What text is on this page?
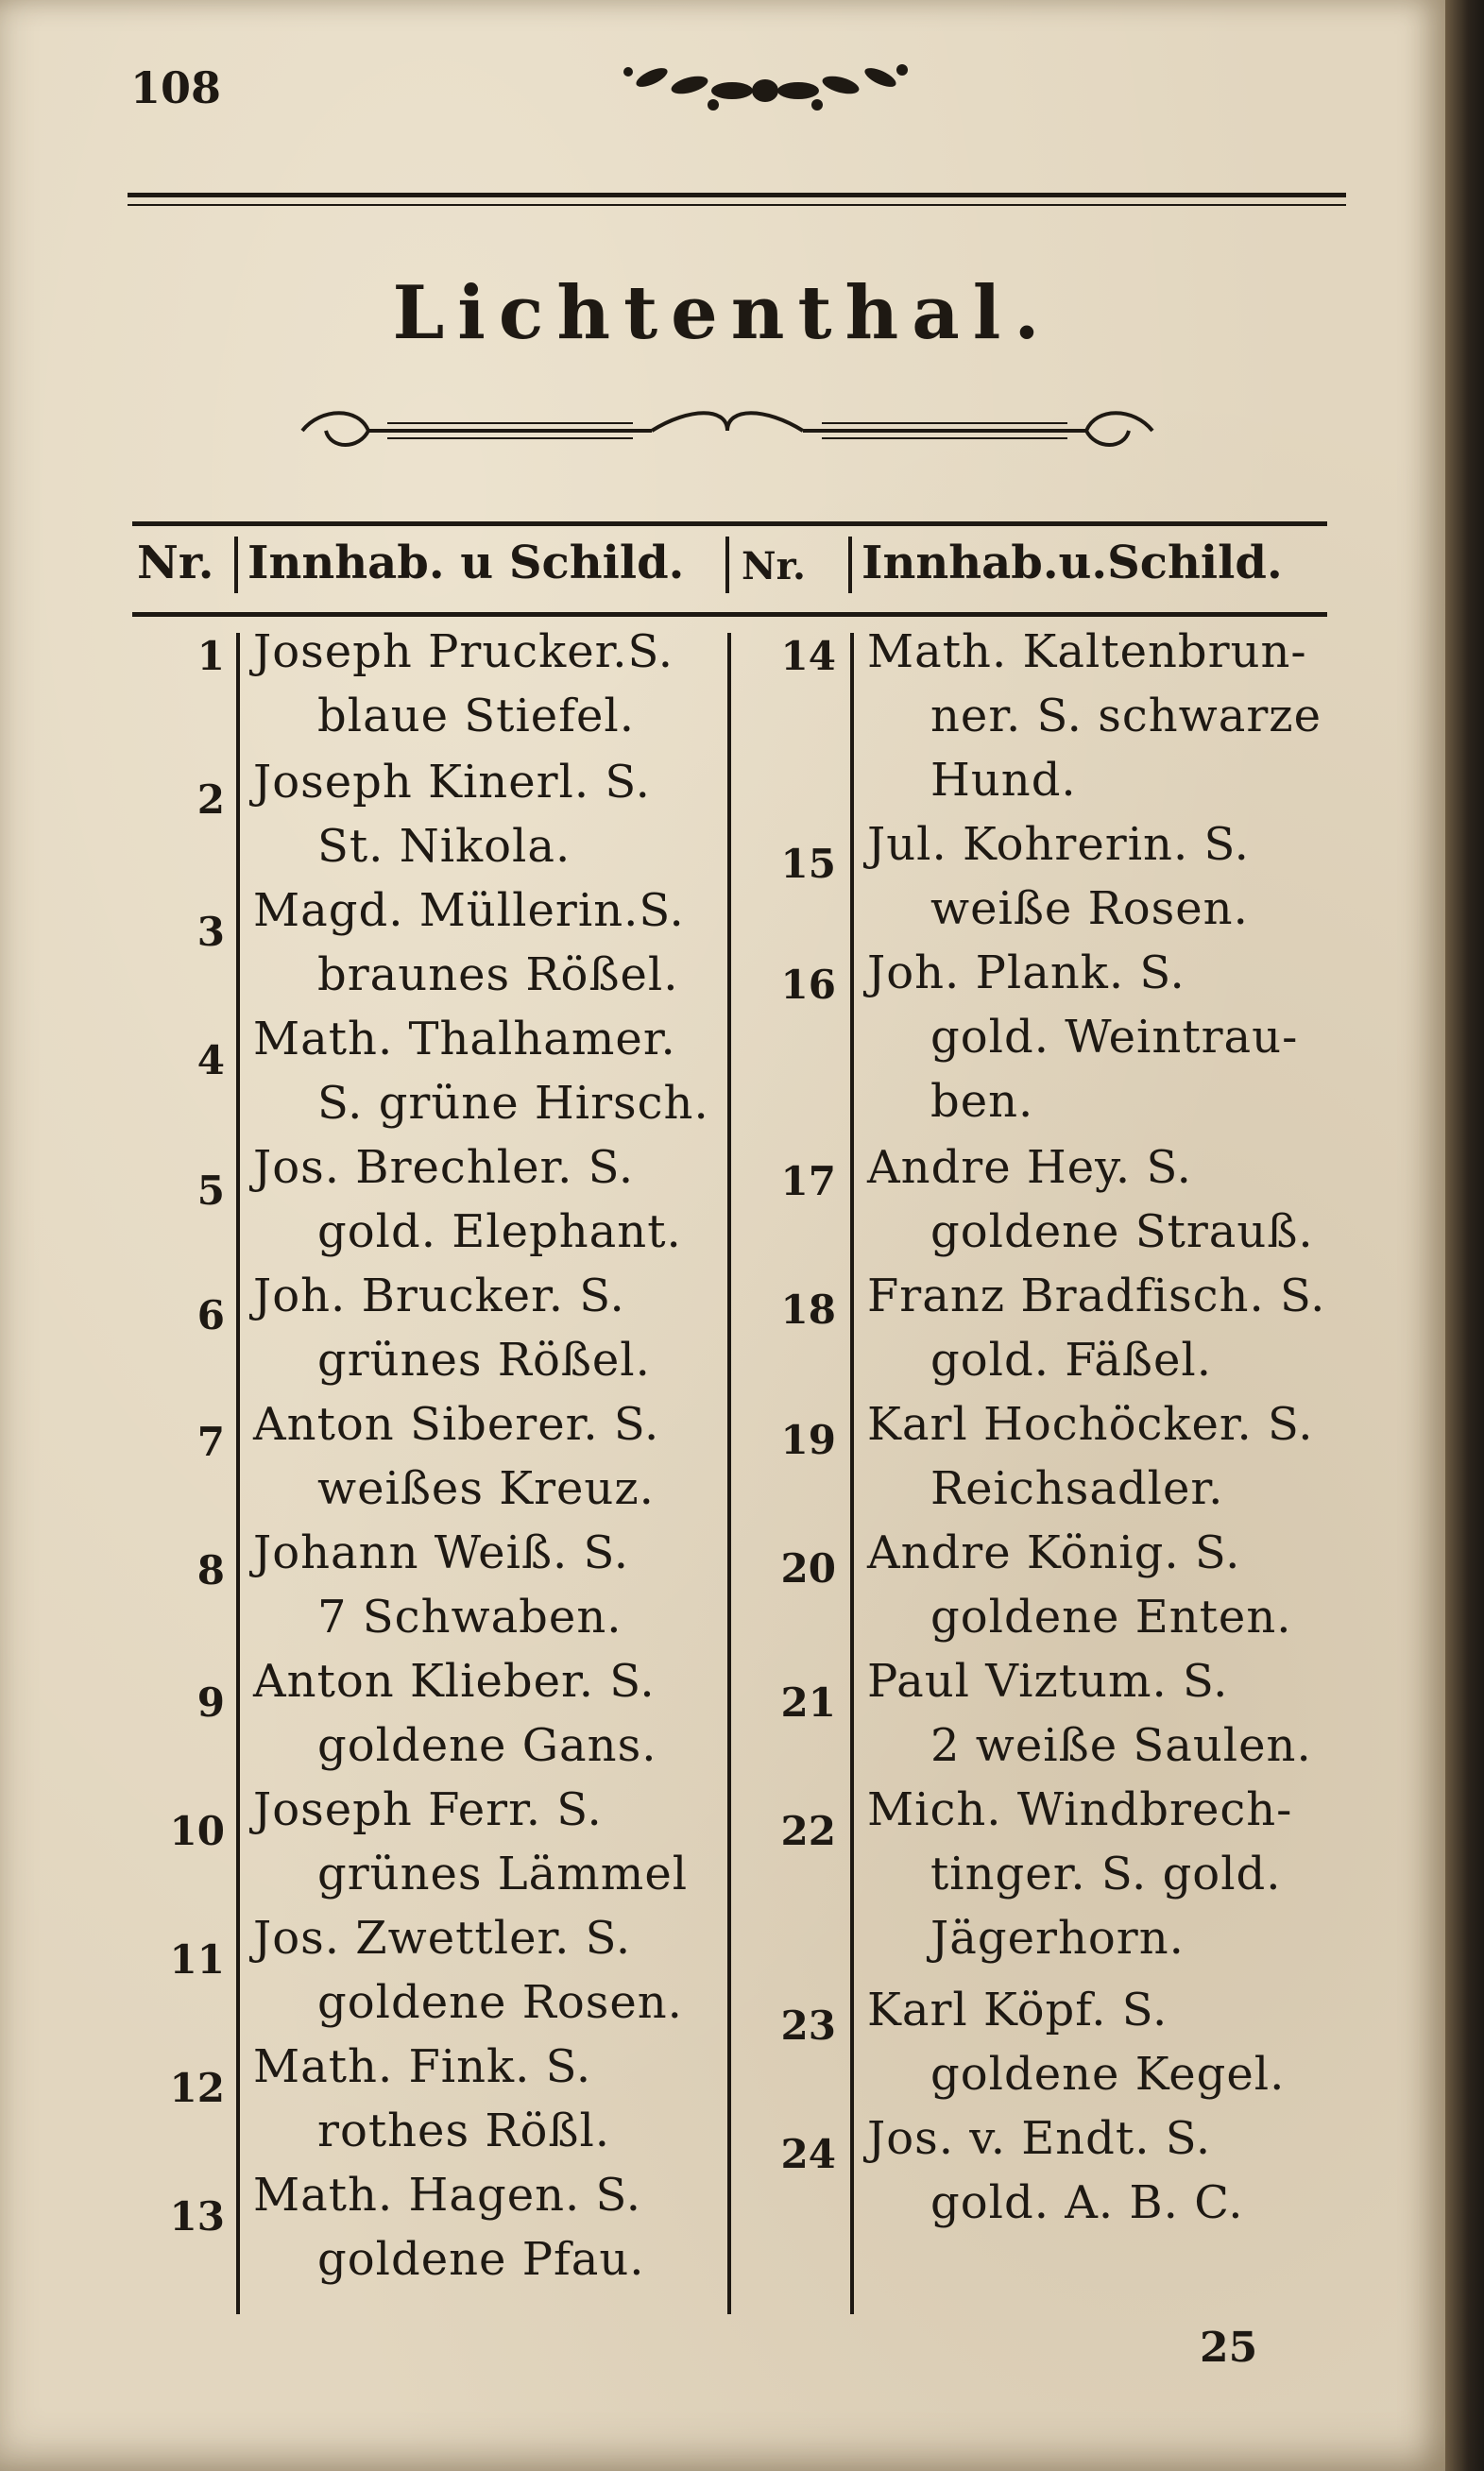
108
Lichtenthal.
Nr. Innhab. u Schild. Nr. Innhab.u.Schild.
1 Joseph Prucker.S.
blaue Stiefel.
2 Joseph Kinerl. S.
St. Nikola.
3 Magd. Müllerin.S.
braunes Rößel.
4 Math. Thalhamer.
S. grüne Hirsch.
5 Jos. Brechler. S.
gold. Elephant.
6 Joh. Brucker. S.
grünes Rößel.
7 Anton Siberer. S.
weißes Kreuz.
8 Johann Weiß. S.
7 Schwaben.
9 Anton Klieber. S.
goldene Gans.
10 Joseph Ferr. S.
grünes Lämmel
11 Jos. Zwettler. S.
goldene Rosen.
12 Math. Fink. S.
rothes Rößl.
13 Math. Hagen. S.
goldene Pfau.
14 Math. Kaltenbrun-
ner. S. schwarze
Hund.
15 Jul. Kohrerin. S.
weiße Rosen.
16 Joh. Plank. S.
gold. Weintrau-
ben.
17 Andre Hey. S.
goldene Strauß.
18 Franz Bradfisch. S.
gold. Fäßel.
19 Karl Hochöcker. S.
Reichsadler.
20 Andre König. S.
goldene Enten.
21 Paul Viztum. S.
2 weiße Saulen.
22 Mich. Windbrech-
tinger. S. gold.
Jägerhorn.
23 Karl Köpf. S.
goldene Kegel.
24 Jos. v. Endt. S.
gold. A. B. C.
25
